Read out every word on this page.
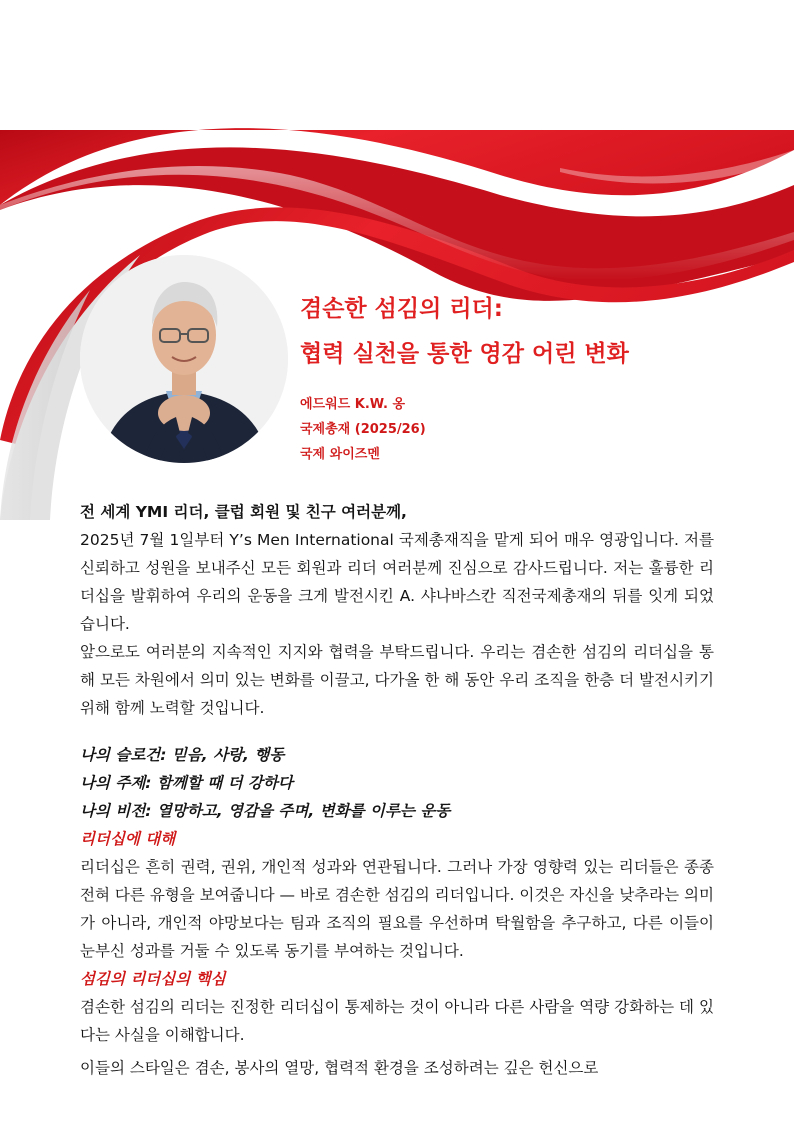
겸손한 섬김의 리더:
협력 실천을 통한 영감 어린 변화
에드워드 K.W. 옹
국제총재 (2025/26)
국제 와이즈멘

전 세계 YMI 리더, 클럽 회원 및 친구 여러분께,

2025년 7월 1일부터 Y’s Men International 국제총재직을 맡게 되어 매우 영광입니다. 저를 신뢰하고 성원을 보내주신 모든 회원과 리더 여러분께 진심으로 감사드립니다. 저는 훌륭한 리더십을 발휘하여 우리의 운동을 크게 발전시킨 A. 샤나바스칸 직전국제총재의 뒤를 잇게 되었습니다.

앞으로도 여러분의 지속적인 지지와 협력을 부탁드립니다. 우리는 겸손한 섬김의 리더십을 통해 모든 차원에서 의미 있는 변화를 이끌고, 다가올 한 해 동안 우리 조직을 한층 더 발전시키기 위해 함께 노력할 것입니다.

나의 슬로건: 믿음, 사랑, 행동

나의 주제: 함께할 때 더 강하다

나의 비전: 열망하고, 영감을 주며, 변화를 이루는 운동

리더십에 대해

리더십은 흔히 권력, 권위, 개인적 성과와 연관됩니다. 그러나 가장 영향력 있는 리더들은 종종 전혀 다른 유형을 보여줍니다 — 바로 겸손한 섬김의 리더입니다. 이것은 자신을 낮추라는 의미가 아니라, 개인적 야망보다는 팀과 조직의 필요를 우선하며 탁월함을 추구하고, 다른 이들이 눈부신 성과를 거둘 수 있도록 동기를 부여하는 것입니다.

섬김의 리더십의 핵심

겸손한 섬김의 리더는 진정한 리더십이 통제하는 것이 아니라 다른 사람을 역량 강화하는 데 있다는 사실을 이해합니다.

이들의 스타일은 겸손, 봉사의 열망, 협력적 환경을 조성하려는 깊은 헌신으로
